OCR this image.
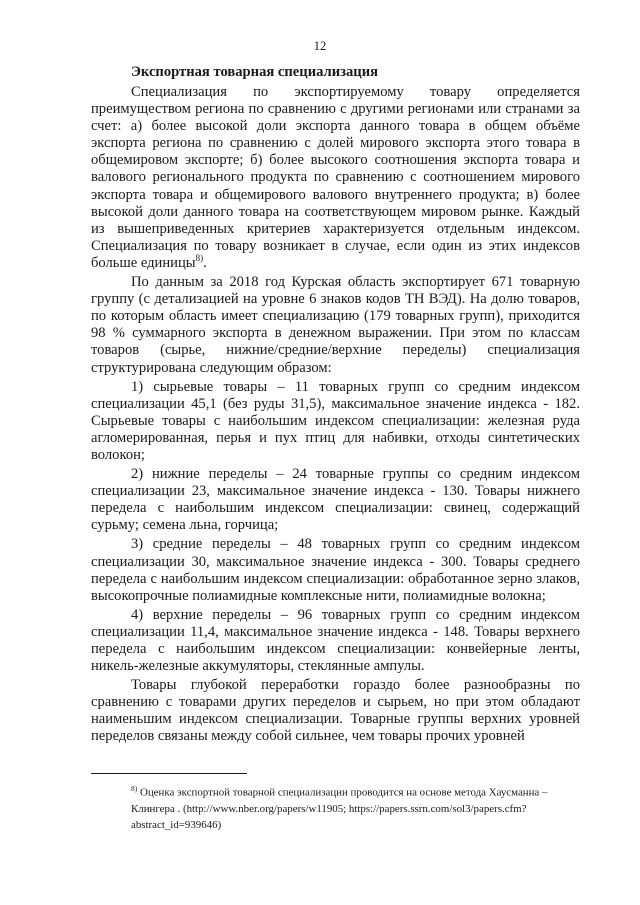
12
Экспортная товарная специализация

Специализация по экспортируемому товару определяется преимуществом региона по сравнению с другими регионами или странами за счет: а) более высокой доли экспорта данного товара в общем объёме экспорта региона по сравнению с долей мирового экспорта этого товара в общемировом экспорте; б) более высокого соотношения экспорта товара и валового регионального продукта по сравнению с соотношением мирового экспорта товара и общемирового валового внутреннего продукта; в) более высокой доли данного товара на соответствующем мировом рынке. Каждый из вышеприведенных критериев характеризуется отдельным индексом. Специализация по товару возникает в случае, если один из этих индексов больше единицы$^{8)}$.

По данным за 2018 год Курская область экспортирует 671 товарную группу (с детализацией на уровне 6 знаков кодов ТН ВЭД). На долю товаров, по которым область имеет специализацию (179 товарных групп), приходится 98 % суммарного экспорта в денежном выражении. При этом по классам товаров (сырье, нижние/средние/верхние переделы) специализация структурирована следующим образом:

1) сырьевые товары – 11 товарных групп со средним индексом специализации 45,1 (без руды 31,5), максимальное значение индекса - 182. Сырьевые товары с наибольшим индексом специализации: железная руда агломерированная, перья и пух птиц для набивки, отходы синтетических волокон;

2) нижние переделы – 24 товарные группы со средним индексом специализации 23, максимальное значение индекса - 130. Товары нижнего передела с наибольшим индексом специализации: свинец, содержащий сурьму; семена льна, горчица;

3) средние переделы – 48 товарных групп со средним индексом специализации 30, максимальное значение индекса - 300. Товары среднего передела с наибольшим индексом специализации: обработанное зерно злаков, высокопрочные полиамидные комплексные нити, полиамидные волокна;

4) верхние переделы – 96 товарных групп со средним индексом специализации 11,4, максимальное значение индекса - 148. Товары верхнего передела с наибольшим индексом специализации: конвейерные ленты, никель-железные аккумуляторы, стеклянные ампулы.

Товары глубокой переработки гораздо более разнообразны по сравнению с товарами других переделов и сырьем, но при этом обладают наименьшим индексом специализации. Товарные группы верхних уровней переделов связаны между собой сильнее, чем товары прочих уровней

$^{8)}$ Оценка экспортной товарной специализации проводится на основе метода Хаусманна – Клингера . (http://www.nber.org/papers/w11905; https://papers.ssrn.com/sol3/papers.cfm?abstract_id=939646)
